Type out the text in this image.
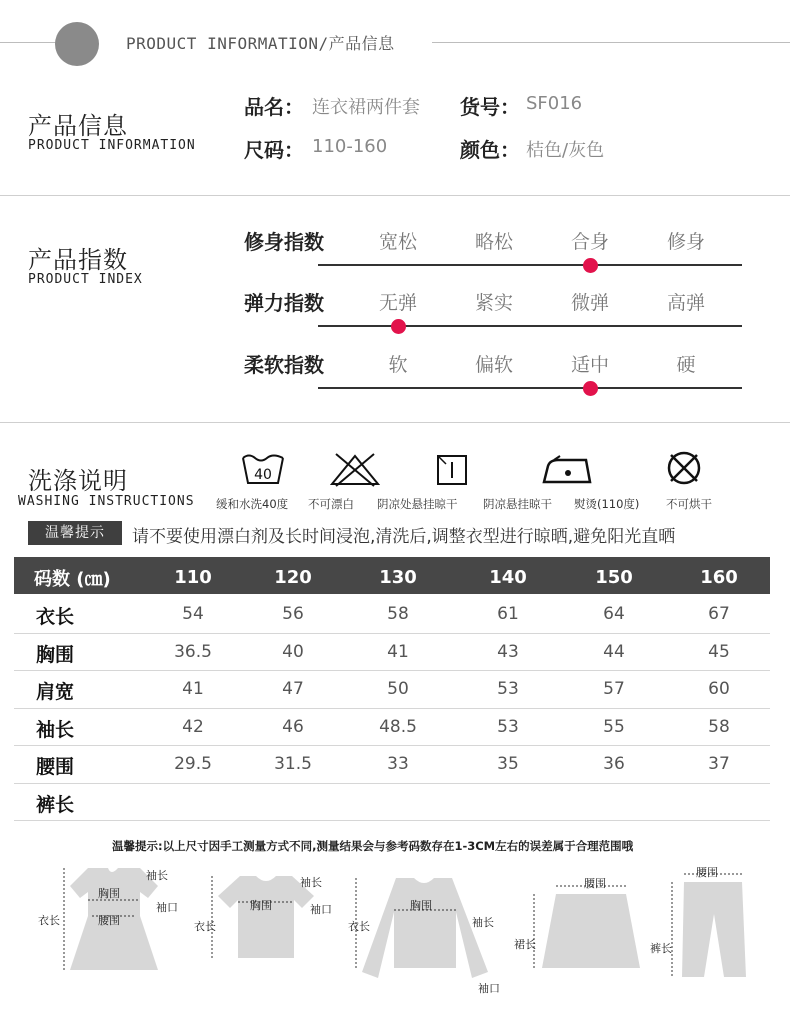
PRODUCT INFORMATION/产品信息
产品信息
PRODUCT INFORMATION
品名： 连衣裙两件套 货号： SF016
尺码： 110-160	颜色： 桔色/灰色
产品指数
PRODUCT INDEX
修身指数	宽松	略松	合身	修身
弹力指数	无弹	紧实	微弹	高弹
柔软指数	软	偏软	适中	硬
洗涤说明
WASHING INSTRUCTIONS
40
缓和水洗40度 不可漂白 阴凉处悬挂晾干 阴凉悬挂晾干 熨烫(110度) 不可烘干
温馨提示	请不要使用漂白剂及长时间浸泡,清洗后,调整衣型进行晾晒,避免阳光直晒
码数 (㎝)	110	120	130	140	150	160
衣长	54	56	58	61	64	67
胸围	36.5	40	41	43	44	45
肩宽	41	47	50	53	57	60
袖长	42	46	48.5	53	55	58
腰围	29.5	31.5	33	35	36	37
裤长
温馨提示:以上尺寸因手工测量方式不同,测量结果会与参考码数存在1-3CM左右的误差属于合理范围哦
胸围
腰围
袖长
袖口
衣长
胸围
袖长
袖口
衣长
胸围
袖长
袖口
衣长
腰围
裙长
腰围
裤长
